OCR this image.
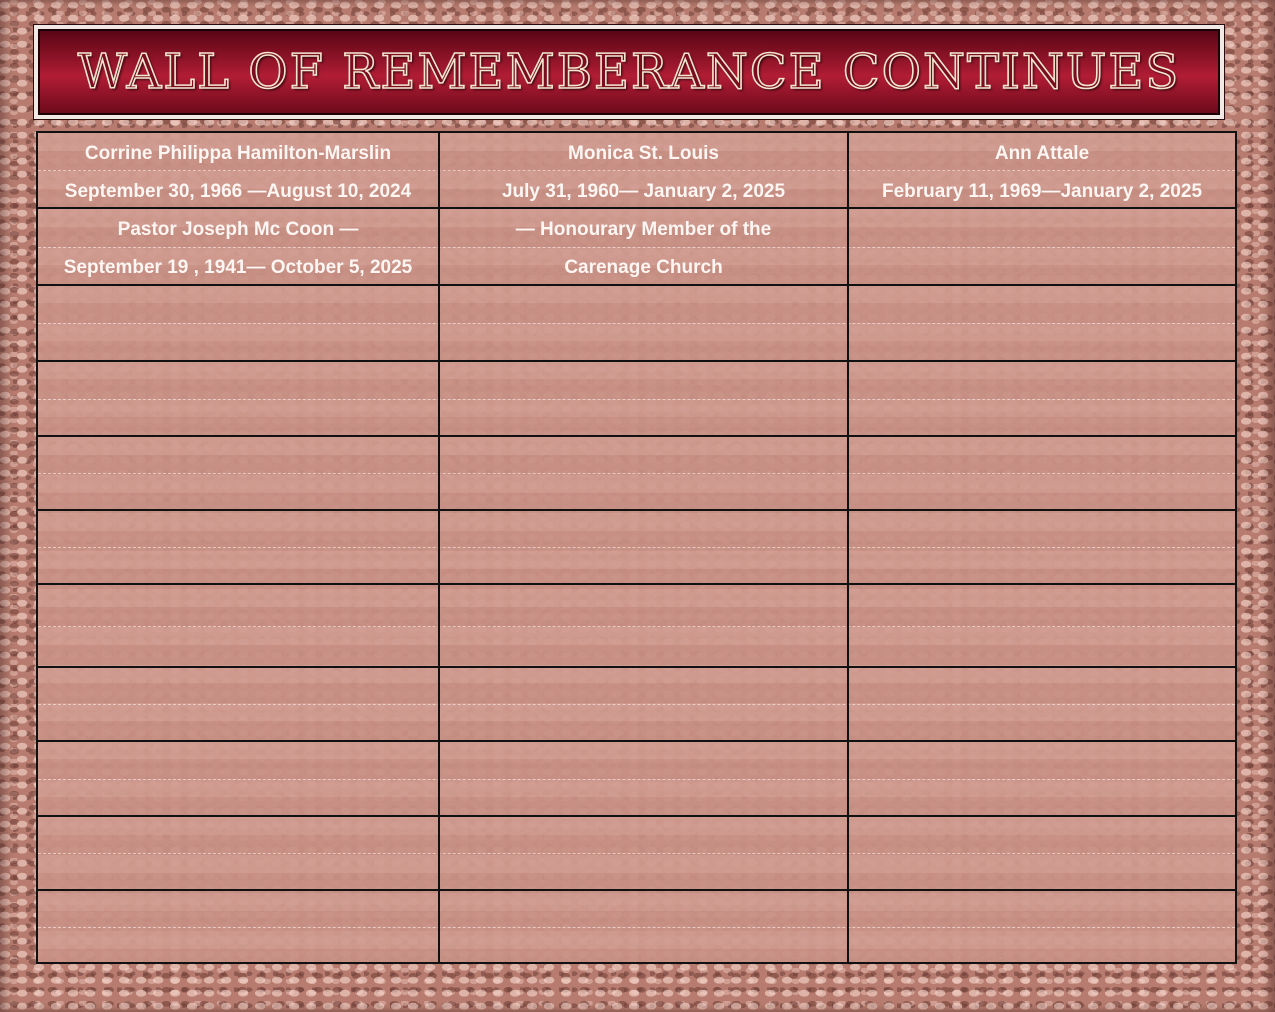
WALL OF REMEMBERANCE CONTINUES
Corrine Philippa Hamilton-Marslin
September 30, 1966 —August 10, 2024
Monica St. Louis
July 31, 1960— January 2, 2025
Ann Attale
February 11, 1969—January 2, 2025
Pastor Joseph Mc Coon —
September 19 , 1941— October 5, 2025
— Honourary Member of the
Carenage Church
